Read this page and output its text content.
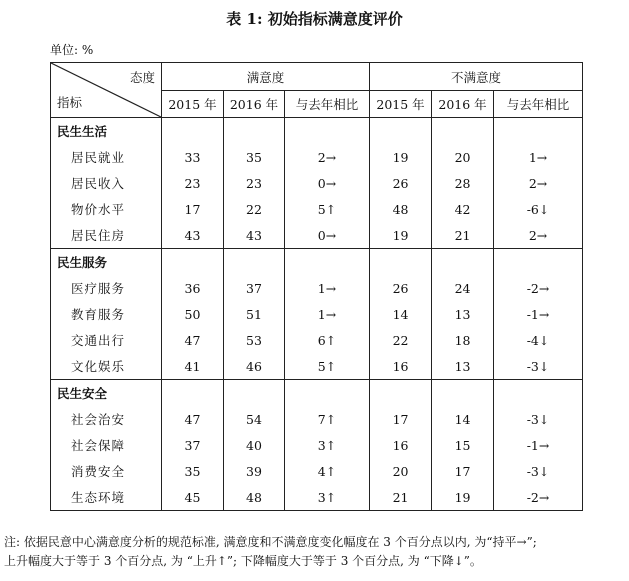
表 1: 初始指标满意度评价
单位: %
态度
指标	满意度			不满意度		
	2015 年	2016 年	与去年相比	2015 年	2016 年	与去年相比
民生生活						
居民就业	33	35	2→	19	20	1→
居民收入	23	23	0→	26	28	2→
物价水平	17	22	5↑	48	42	-6↓
居民住房	43	43	0→	19	21	2→
民生服务						
医疗服务	36	37	1→	26	24	-2→
教育服务	50	51	1→	14	13	-1→
交通出行	47	53	6↑	22	18	-4↓
文化娱乐	41	46	5↑	16	13	-3↓
民生安全						
社会治安	47	54	7↑	17	14	-3↓
社会保障	37	40	3↑	16	15	-1→
消费安全	35	39	4↑	20	17	-3↓
生态环境	45	48	3↑	21	19	-2→
注: 依据民意中心满意度分析的规范标准, 满意度和不满意度变化幅度在 3 个百分点以内, 为“持平→”;
上升幅度大于等于 3 个百分点, 为 “上升↑”; 下降幅度大于等于 3 个百分点, 为 “下降↓”。
